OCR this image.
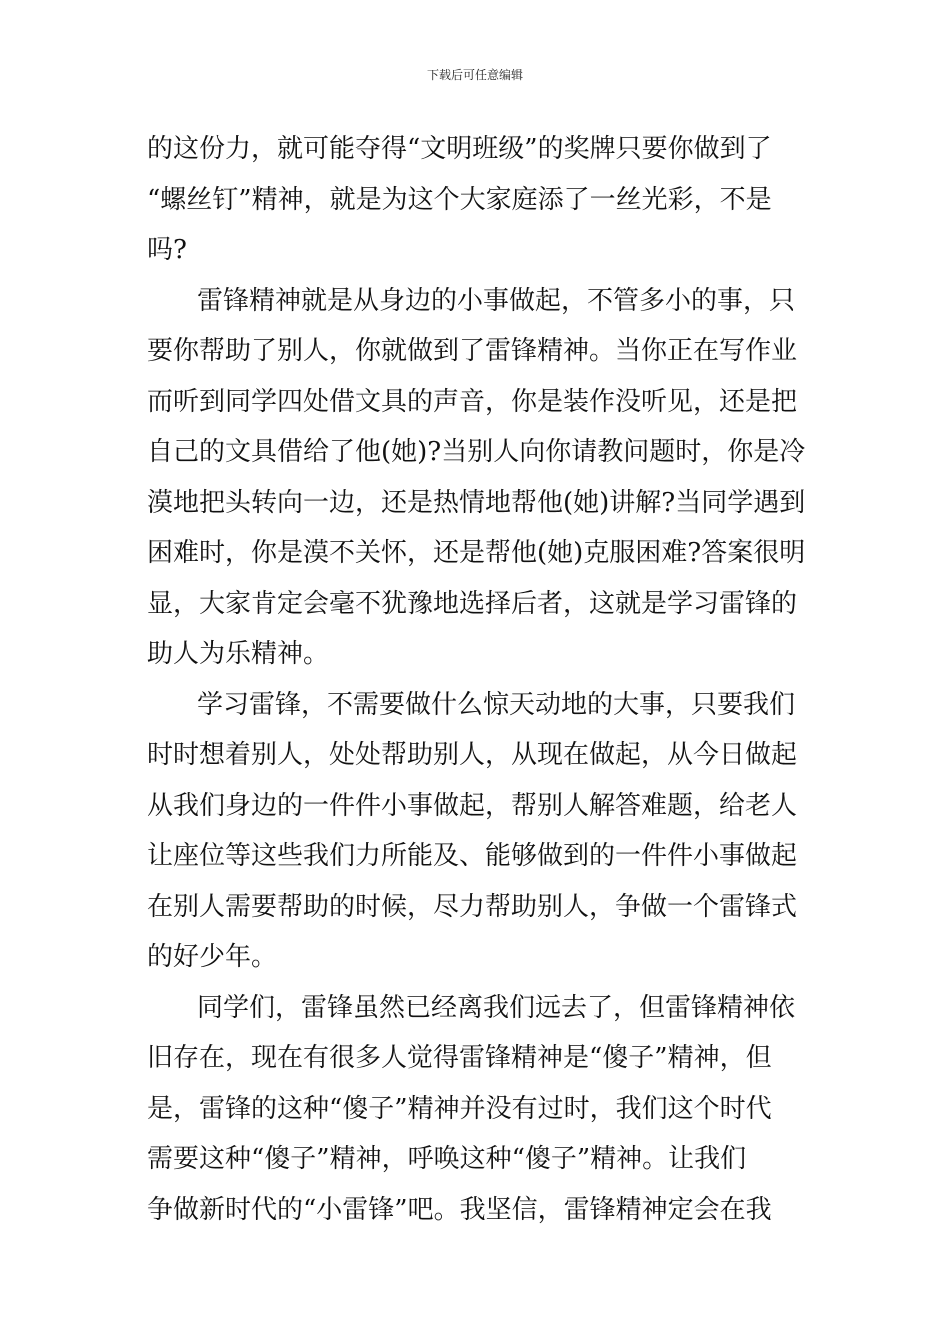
下载后可任意编辑
的这份力，就可能夺得“文明班级”的奖牌只要你做到了
“螺丝钉”精神，就是为这个大家庭添了一丝光彩，不是
吗?
雷锋精神就是从身边的小事做起，不管多小的事，只
要你帮助了别人，你就做到了雷锋精神。当你正在写作业
而听到同学四处借文具的声音，你是装作没听见，还是把
自己的文具借给了他(她)?当别人向你请教问题时，你是冷
漠地把头转向一边，还是热情地帮他(她)讲解?当同学遇到
困难时，你是漠不关怀，还是帮他(她)克服困难?答案很明
显，大家肯定会毫不犹豫地选择后者，这就是学习雷锋的
助人为乐精神。
学习雷锋，不需要做什么惊天动地的大事，只要我们
时时想着别人，处处帮助别人，从现在做起，从今日做起
从我们身边的一件件小事做起，帮别人解答难题，给老人
让座位等这些我们力所能及、能够做到的一件件小事做起
在别人需要帮助的时候，尽力帮助别人，争做一个雷锋式
的好少年。
同学们，雷锋虽然已经离我们远去了，但雷锋精神依
旧存在，现在有很多人觉得雷锋精神是“傻子”精神，但
是，雷锋的这种“傻子”精神并没有过时，我们这个时代
需要这种“傻子”精神，呼唤这种“傻子”精神。让我们
争做新时代的“小雷锋”吧。我坚信，雷锋精神定会在我
